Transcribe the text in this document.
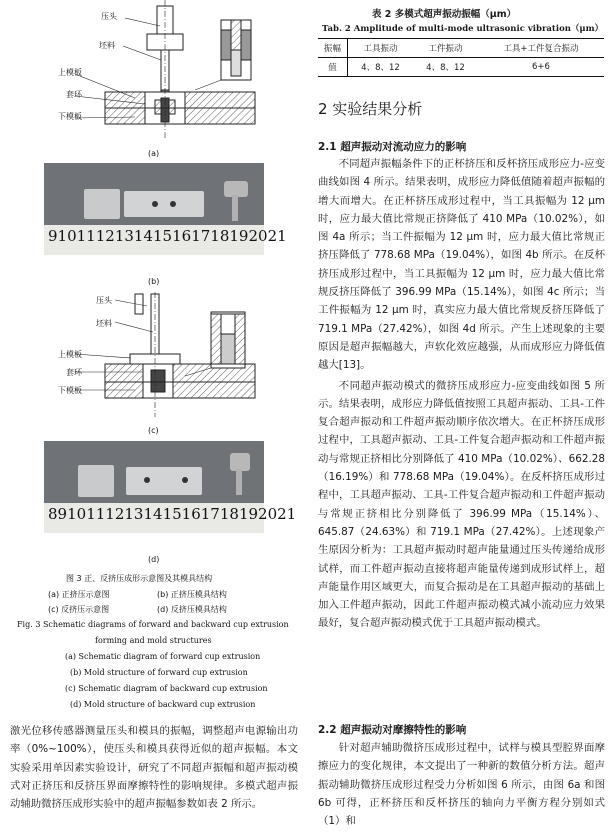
压头
坯料
上模板
套环
下模板
(a)
9 10 11 12 13 14 15 16 17 18 19 20 21
(b)
压头
坯料
上模板
套环
下模板
(c)
8 9 10 11 12 13 14 15 16 17 18 19 20 21
(d)
图 3 正、反挤压成形示意图及其模具结构
(a) 正挤压示意图	(b) 正挤压模具结构
(c) 反挤压示意图	(d) 反挤压模具结构
Fig. 3 Schematic diagrams of forward and backward cup extrusion
forming and mold structures
(a) Schematic diagram of forward cup extrusion
(b) Mold structure of forward cup extrusion
(c) Schematic diagram of backward cup extrusion
(d) Mold structure of backward cup extrusion

激光位移传感器测量压头和模具的振幅，调整超声电源输出功率（0%~100%），使压头和模具获得近似的超声振幅。本文实验采用单因素实验设计，研究了不同超声振幅和超声振动模式对正挤压和反挤压界面摩擦特性的影响规律。多模式超声振动辅助微挤压成形实验中的超声振幅参数如表 2 所示。

表 2 多模式超声振动振幅（μm）
Tab. 2 Amplitude of multi-mode ultrasonic vibration（μm）
振幅	工具振动	工件振动	工具+工件复合振动
值	4、8、12	4、8、12	6+6
2 实验结果分析
2.1 超声振动对流动应力的影响

不同超声振幅条件下的正杯挤压和反杯挤压成形应力-应变曲线如图 4 所示。结果表明，成形应力降低值随着超声振幅的增大而增大。在正杯挤压成形过程中，当工具振幅为 12 μm 时，应力最大值比常规正挤降低了 410 MPa（10.02%），如图 4a 所示；当工件振幅为 12 μm 时，应力最大值比常规正挤压降低了 778.68 MPa（19.04%），如图 4b 所示。在反杯挤压成形过程中，当工具振幅为 12 μm 时，应力最大值比常规反挤压降低了 396.99 MPa（15.14%），如图 4c 所示；当工件振幅为 12 μm 时，真实应力最大值比常规反挤压降低了 719.1 MPa（27.42%），如图 4d 所示。产生上述现象的主要原因是超声振幅越大，声软化效应越强，从而成形应力降低值越大[13]。

不同超声振动模式的微挤压成形应力-应变曲线如图 5 所示。结果表明，成形应力降低值按照工具超声振动、工具-工件复合超声振动和工件超声振动顺序依次增大。在正杯挤压成形过程中，工具超声振动、工具-工件复合超声振动和工件超声振动与常规正挤相比分别降低了 410 MPa（10.02%）、662.28（16.19%）和 778.68 MPa（19.04%）。在反杯挤压成形过程中，工具超声振动、工具-工件复合超声振动和工件超声振动与常规正挤相比分别降低了 396.99 MPa（15.14%）、645.87（24.63%）和 719.1 MPa（27.42%）。上述现象产生原因分析为：工具超声振动时超声能量通过压头传递给成形试样，而工件超声振动直接将超声能量传递到成形试样上，超声能量作用区域更大，而复合振动是在工具超声振动的基础上加入工件超声振动，因此工件超声振动模式减小流动应力效果最好，复合超声振动模式优于工具超声振动模式。

2.2 超声振动对摩擦特性的影响

针对超声辅助微挤压成形过程中，试样与模具型腔界面摩擦应力的变化规律，本文提出了一种新的数值分析方法。超声振动辅助微挤压成形过程受力分析如图 6 所示，由图 6a 和图 6b 可得，正杯挤压和反杯挤压的轴向力平衡方程分别如式（1）和
